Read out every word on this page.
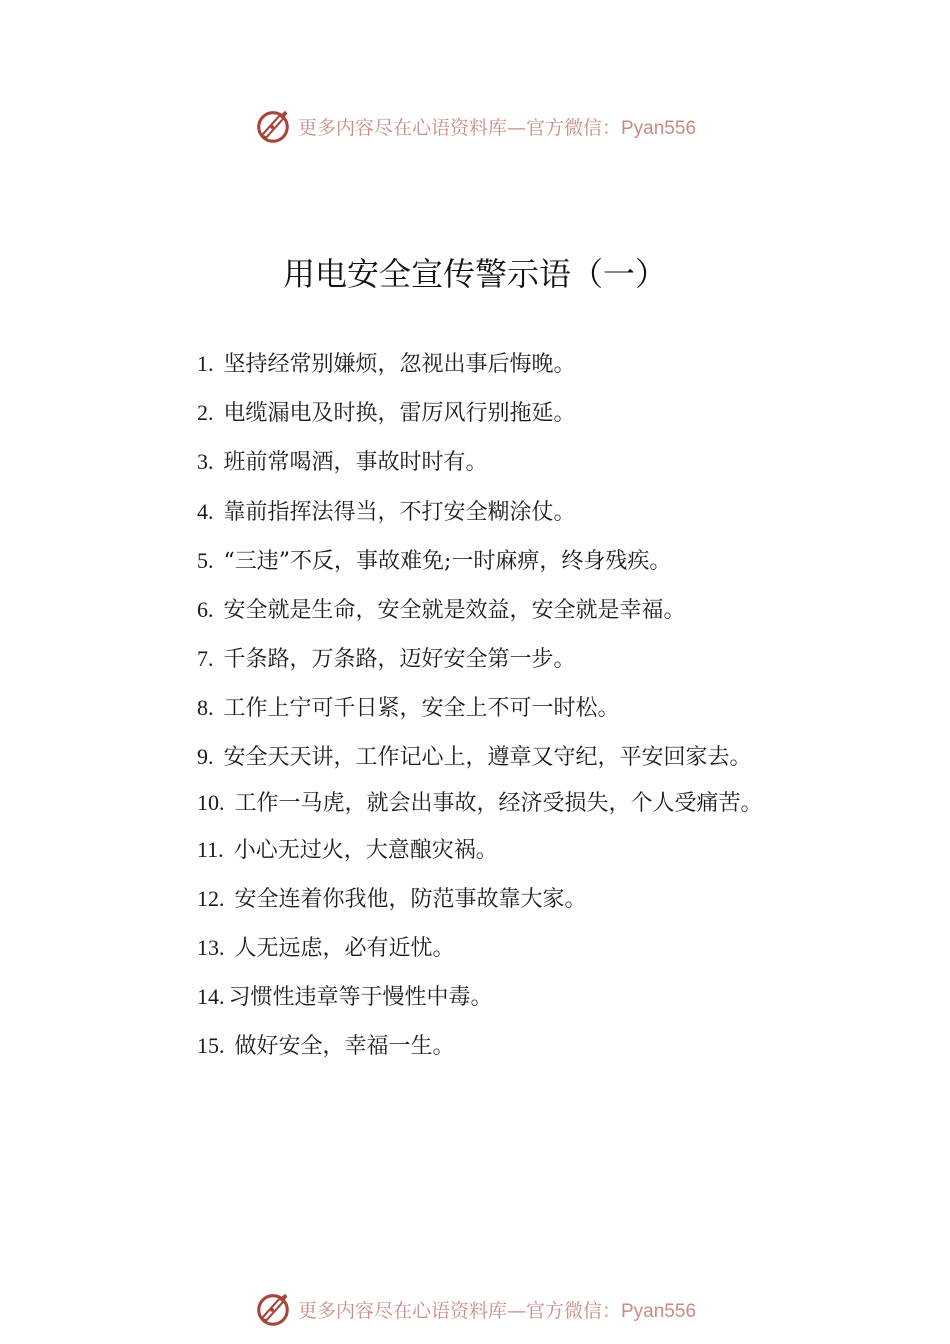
更多内容尽在心语资料库—官方微信：Pyan556
用电安全宣传警示语（一）

1. 坚持经常别嫌烦，忽视出事后悔晚。

2. 电缆漏电及时换，雷厉风行别拖延。

3. 班前常喝酒，事故时时有。

4. 靠前指挥法得当，不打安全糊涂仗。

5. “三违”不反，事故难免;一时麻痹，终身残疾。

6. 安全就是生命，安全就是效益，安全就是幸福。

7. 千条路，万条路，迈好安全第一步。

8. 工作上宁可千日紧，安全上不可一时松。

9. 安全天天讲，工作记心上，遵章又守纪，平安回家去。

10. 工作一马虎，就会出事故，经济受损失，个人受痛苦。

11. 小心无过火，大意酿灾祸。

12. 安全连着你我他，防范事故靠大家。

13. 人无远虑，必有近忧。

14. 习惯性违章等于慢性中毒。

15. 做好安全，幸福一生。

更多内容尽在心语资料库—官方微信：Pyan556
